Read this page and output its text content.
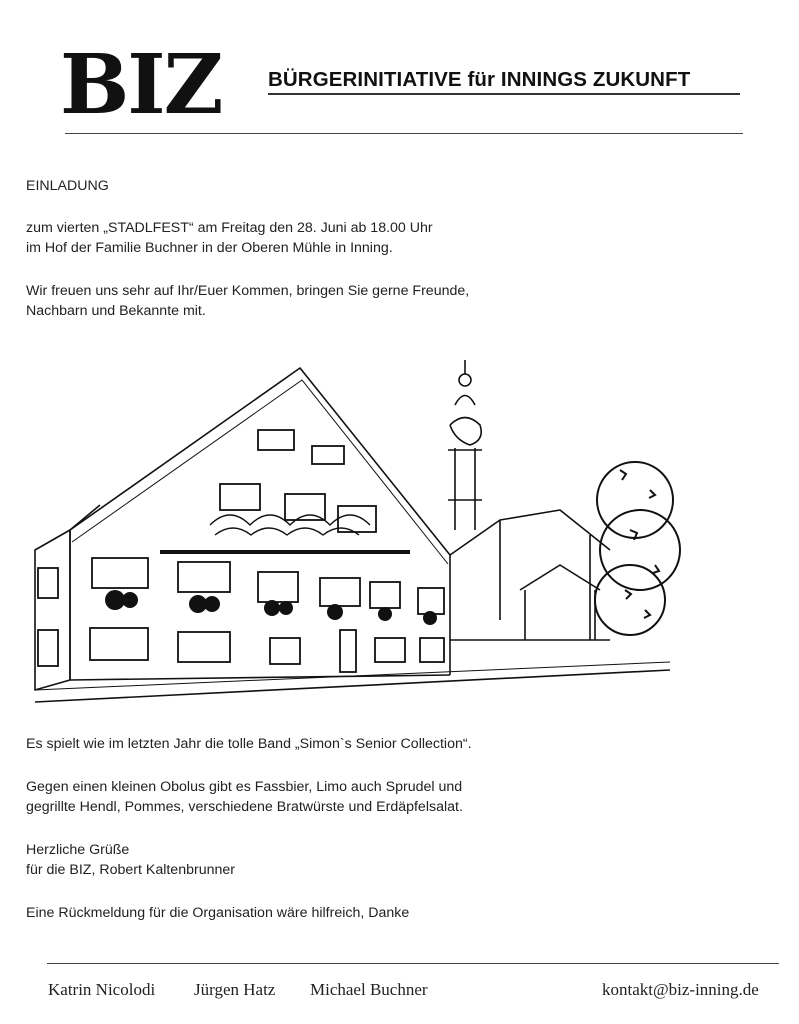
BIZ BÜRGERINITIATIVE für INNINGS ZUKUNFT
EINLADUNG
zum vierten „STADLFEST“ am Freitag den 28. Juni ab 18.00 Uhr
im Hof der Familie Buchner in der Oberen Mühle in Inning.
Wir freuen uns sehr auf Ihr/Euer Kommen, bringen Sie gerne Freunde,
Nachbarn und Bekannte mit.
Es spielt wie im letzten Jahr die tolle Band „Simon`s Senior Collection“.
Gegen einen kleinen Obolus gibt es Fassbier, Limo auch Sprudel und
gegrillte Hendl, Pommes, verschiedene Bratwürste und Erdäpfelsalat.
Herzliche Grüße
für die BIZ, Robert Kaltenbrunner
Eine Rückmeldung für die Organisation wäre hilfreich, Danke
Katrin Nicolodi Jürgen Hatz Michael Buchner	kontakt@biz-inning.de
